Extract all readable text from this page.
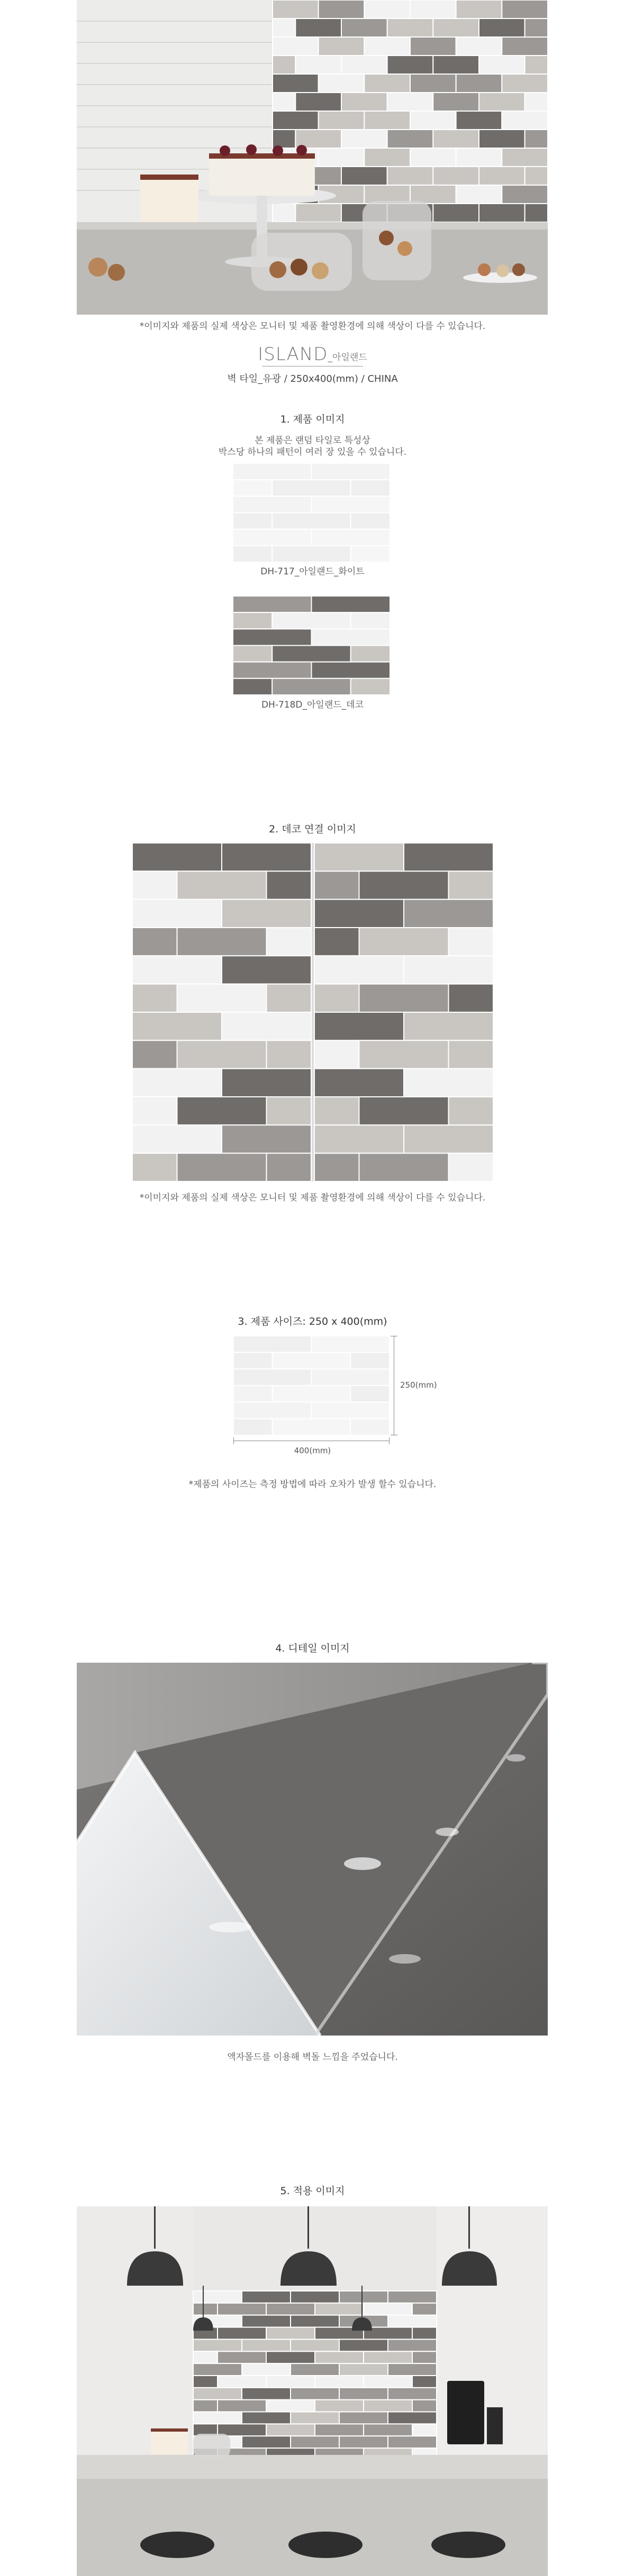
*이미지와 제품의 실제 색상은 모니터 및 제품 촬영환경에 의해 색상이 다를 수 있습니다.
ISLAND_아일랜드
벽 타일_유광 / 250x400(mm) / CHINA
1. 제품 이미지
본 제품은 랜덤 타일로 특성상
박스당 하나의 패턴이 여러 장 있을 수 있습니다.
DH-717_아일랜드_화이트
DH-718D_아일랜드_데코
2. 데코 연결 이미지
*이미지와 제품의 실제 색상은 모니터 및 제품 촬영환경에 의해 색상이 다를 수 있습니다.
3. 제품 사이즈: 250 x 400(mm)
250(mm)
400(mm)
*제품의 사이즈는 측정 방법에 따라 오차가 발생 할수 있습니다.
4. 디테일 이미지
액자몰드를 이용해 벽돌 느낌을 주었습니다.
5. 적용 이미지
